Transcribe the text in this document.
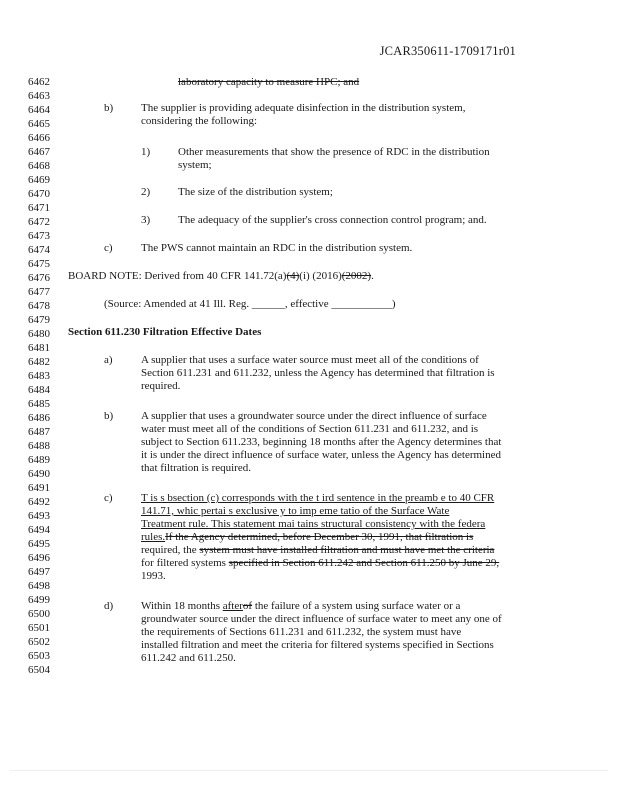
JCAR350611-1709171r01
6462
6463
6464
6465
6466
6467
6468
6469
6470
6471
6472
6473
6474
6475
6476
6477
6478
6479
6480
6481
6482
6483
6484
6485
6486
6487
6488
6489
6490
6491
6492
6493
6494
6495
6496
6497
6498
6499
6500
6501
6502
6503
6504
laboratory capacity to measure HPC; and
b)	The supplier is providing adequate disinfection in the distribution system,
considering the following:
1)	Other measurements that show the presence of RDC in the distribution
system;
2)	The size of the distribution system;
3)	The adequacy of the supplier's cross connection control program; and.
c)	The PWS cannot maintain an RDC in the distribution system.
BOARD NOTE: Derived from 40 CFR 141.72(a)(4)(i) (2016)(2002).
(Source: Amended at 41 Ill. Reg. ______, effective ___________)
Section 611.230 Filtration Effective Dates
a)	A supplier that uses a surface water source must meet all of the conditions of
Section 611.231 and 611.232, unless the Agency has determined that filtration is
required.
b)	A supplier that uses a groundwater source under the direct influence of surface
water must meet all of the conditions of Section 611.231 and 611.232, and is
subject to Section 611.233, beginning 18 months after the Agency determines that
it is under the direct influence of surface water, unless the Agency has determined
that filtration is required.
c)	T is s bsection (c) corresponds with the t ird sentence in the preamb e to 40 CFR
141.71, whic pertai s exclusive y to imp eme tatio of the Surface Wate
Treatment rule. This statement mai tains structural consistency with the federa
rules.If the Agency determined, before December 30, 1991, that filtration is
required, the system must have installed filtration and must have met the criteria
for filtered systems specified in Section 611.242 and Section 611.250 by June 29,
1993.
d)	Within 18 months afterof the failure of a system using surface water or a
groundwater source under the direct influence of surface water to meet any one of
the requirements of Sections 611.231 and 611.232, the system must have
installed filtration and meet the criteria for filtered systems specified in Sections
611.242 and 611.250.
